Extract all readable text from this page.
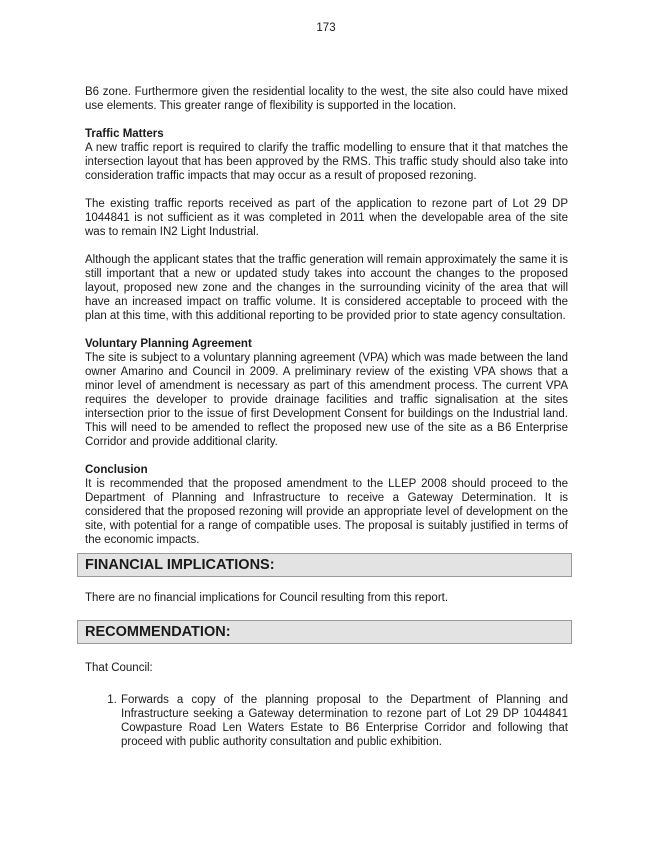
173

B6 zone. Furthermore given the residential locality to the west, the site also could have mixed use elements. This greater range of flexibility is supported in the location.

Traffic Matters

A new traffic report is required to clarify the traffic modelling to ensure that it that matches the intersection layout that has been approved by the RMS. This traffic study should also take into consideration traffic impacts that may occur as a result of proposed rezoning.

The existing traffic reports received as part of the application to rezone part of Lot 29 DP 1044841 is not sufficient as it was completed in 2011 when the developable area of the site was to remain IN2 Light Industrial.

Although the applicant states that the traffic generation will remain approximately the same it is still important that a new or updated study takes into account the changes to the proposed layout, proposed new zone and the changes in the surrounding vicinity of the area that will have an increased impact on traffic volume. It is considered acceptable to proceed with the plan at this time, with this additional reporting to be provided prior to state agency consultation.

Voluntary Planning Agreement

The site is subject to a voluntary planning agreement (VPA) which was made between the land owner Amarino and Council in 2009. A preliminary review of the existing VPA shows that a minor level of amendment is necessary as part of this amendment process. The current VPA requires the developer to provide drainage facilities and traffic signalisation at the sites intersection prior to the issue of first Development Consent for buildings on the Industrial land. This will need to be amended to reflect the proposed new use of the site as a B6 Enterprise Corridor and provide additional clarity.

Conclusion

It is recommended that the proposed amendment to the LLEP 2008 should proceed to the Department of Planning and Infrastructure to receive a Gateway Determination. It is considered that the proposed rezoning will provide an appropriate level of development on the site, with potential for a range of compatible uses. The proposal is suitably justified in terms of the economic impacts.

FINANCIAL IMPLICATIONS:

There are no financial implications for Council resulting from this report.

RECOMMENDATION:

That Council:

1. Forwards a copy of the planning proposal to the Department of Planning and Infrastructure seeking a Gateway determination to rezone part of Lot 29 DP 1044841 Cowpasture Road Len Waters Estate to B6 Enterprise Corridor and following that proceed with public authority consultation and public exhibition.
